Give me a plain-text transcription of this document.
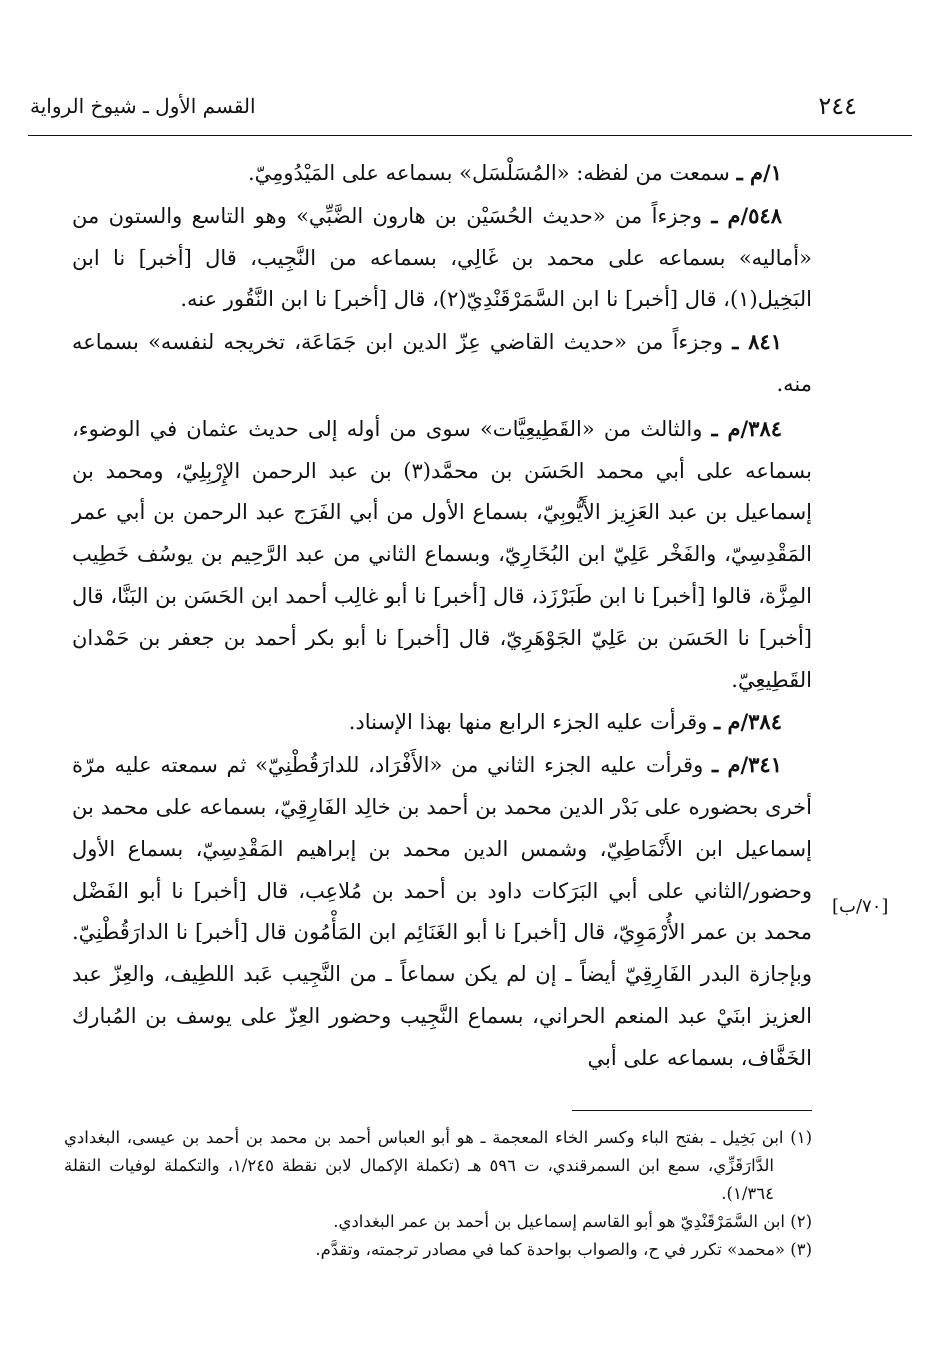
٢٤٤
القسم الأول ـ شيوخ الرواية

١/م ـ سمعت من لفظه: «المُسَلْسَل» بسماعه على المَيْدُومِيّ.

٥٤٨/م ـ وجزءاً من «حديث الحُسَيْن بن هارون الضَّبِّي» وهو التاسع والستون من «أماليه» بسماعه على محمد بن غَالِي، بسماعه من النَّجِيب، قال [أخبر] نا ابن البَخِيل(١)، قال [أخبر] نا ابن السَّمَرْقَنْدِيّ(٢)، قال [أخبر] نا ابن النَّقُور عنه.

٨٤١ ـ وجزءاً من «حديث القاضي عِزّ الدين ابن جَمَاعَة، تخريجه لنفسه» بسماعه منه.

٣٨٤/م ـ والثالث من «القَطِيعِيَّات» سوى من أوله إلى حديث عثمان في الوضوء، بسماعه على أبي محمد الحَسَن بن محمَّد(٣) بن عبد الرحمن الإِرْبِلِيّ، ومحمد بن إسماعيل بن عبد العَزِيز الأَيُّوبِيّ، بسماع الأول من أبي الفَرَج عبد الرحمن بن أبي عمر المَقْدِسِيّ، والفَخْر عَلِيّ ابن البُخَارِيّ، وبسماع الثاني من عبد الرَّحِيم بن يوسُف خَطِيب المِزَّة، قالوا [أخبر] نا ابن طَبَرْزَذ، قال [أخبر] نا أبو غالِب أحمد ابن الحَسَن بن البَنَّا، قال [أخبر] نا الحَسَن بن عَلِيّ الجَوْهَرِيّ، قال [أخبر] نا أبو بكر أحمد بن جعفر بن حَمْدان القَطِيعِيّ.

٣٨٤/م ـ وقرأت عليه الجزء الرابع منها بهذا الإسناد.

٣٤١/م ـ وقرأت عليه الجزء الثاني من «الأَفْرَاد، للدارَقُطْنِيّ» ثم سمعته عليه مرّة أخرى بحضوره على بَدْر الدين محمد بن أحمد بن خالِد الفَارِقِيّ، بسماعه على محمد بن إسماعيل ابن الأَنْمَاطِيّ، وشمس الدين محمد بن إبراهيم المَقْدِسِيّ، بسماع الأول وحضور/الثاني على أبي البَرَكات داود بن أحمد بن مُلاعِب، قال [أخبر] نا أبو الفَضْل محمد بن عمر الأُرْمَوِيّ، قال [أخبر] نا أبو الغَنَائِم ابن المَأْمُون قال [أخبر] نا الدارَقُطْنِيّ. وبإجازة البدر الفَارِقِيّ أيضاً ـ إن لم يكن سماعاً ـ من النَّجِيب عَبد اللطِيف، والعِزّ عبد العزيز ابنَيْ عبد المنعم الحراني، بسماع النَّجِيب وحضور العِزّ على يوسف بن المُبارك الخَفَّاف، بسماعه على أبي

[٧٠/ب]

(١) ابن بَخِيل ـ بفتح الباء وكسر الخاء المعجمة ـ هو أبو العباس أحمد بن محمد بن أحمد بن عيسى، البغدادي الدَّارَقَزِّي، سمع ابن السمرقندي، ت ٥٩٦ هـ (تكملة الإكمال لابن نقطة ١/٢٤٥، والتكملة لوفيات النقلة ١/٣٦٤).

(٢) ابن السَّمَرْقَنْدِيّ هو أبو القاسم إسماعيل بن أحمد بن عمر البغدادي.

(٣) «محمد» تكرر في ح، والصواب بواحدة كما في مصادر ترجمته، وتقدَّم.
